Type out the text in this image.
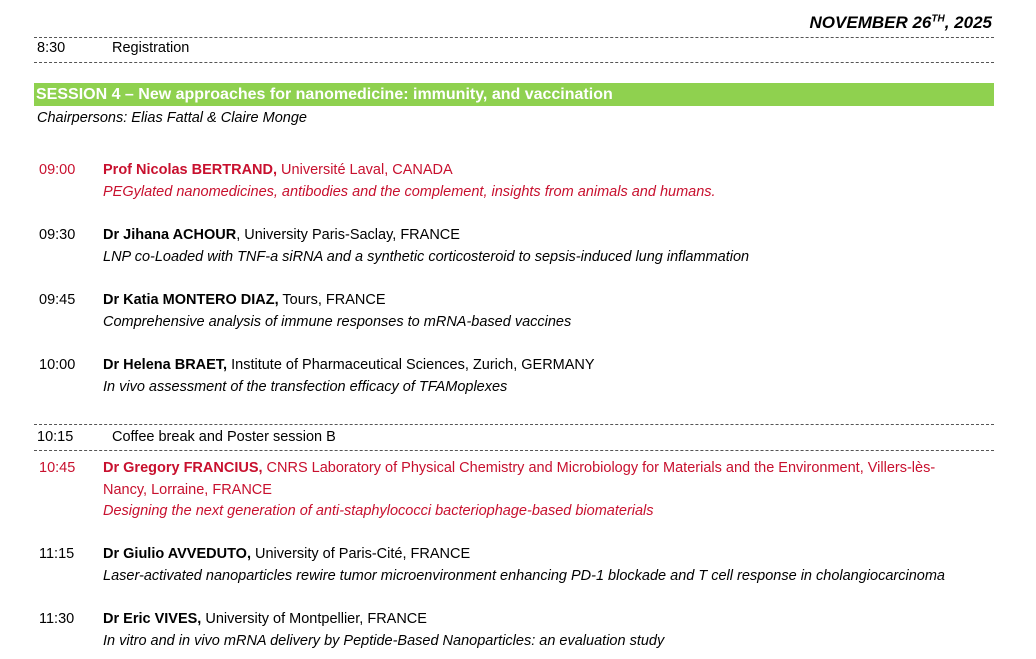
NOVEMBER 26TH, 2025
8:30	Registration
SESSION 4 – New approaches for nanomedicine: immunity, and vaccination
Chairpersons: Elias Fattal & Claire Monge
09:00 Prof Nicolas BERTRAND, Université Laval, CANADA
PEGylated nanomedicines, antibodies and the complement, insights from animals and humans.
09:30 Dr Jihana ACHOUR, University Paris-Saclay, FRANCE
LNP co-Loaded with TNF-a siRNA and a synthetic corticosteroid to sepsis-induced lung inflammation
09:45 Dr Katia MONTERO DIAZ, Tours, FRANCE
Comprehensive analysis of immune responses to mRNA-based vaccines
10:00 Dr Helena BRAET, Institute of Pharmaceutical Sciences, Zurich, GERMANY
In vivo assessment of the transfection efficacy of TFAMoplexes
10:15	Coffee break and Poster session B
10:45 Dr Gregory FRANCIUS, CNRS Laboratory of Physical Chemistry and Microbiology for Materials and the Environment, Villers-lès-Nancy, Lorraine, FRANCE
Designing the next generation of anti-staphylococci bacteriophage-based biomaterials
11:15 Dr Giulio AVVEDUTO, University of Paris-Cité, FRANCE
Laser-activated nanoparticles rewire tumor microenvironment enhancing PD-1 blockade and T cell response in cholangiocarcinoma
11:30 Dr Eric VIVES, University of Montpellier, FRANCE
In vitro and in vivo mRNA delivery by Peptide-Based Nanoparticles: an evaluation study
